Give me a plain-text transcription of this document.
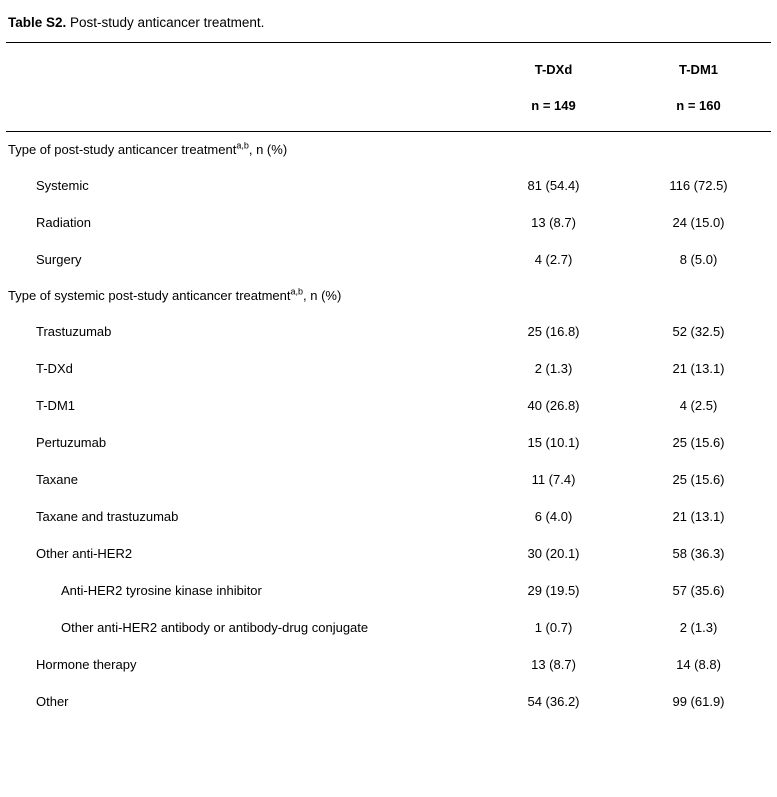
Table S2. Post-study anticancer treatment.
	T-DXd	T-DM1
	n = 149	n = 160
Type of post-study anticancer treatment$^{a,b}$, n (%)		
Systemic	81 (54.4)	116 (72.5)
Radiation	13 (8.7)	24 (15.0)
Surgery	4 (2.7)	8 (5.0)
Type of systemic post-study anticancer treatment$^{a,b}$, n (%)		
Trastuzumab	25 (16.8)	52 (32.5)
T-DXd	2 (1.3)	21 (13.1)
T-DM1	40 (26.8)	4 (2.5)
Pertuzumab	15 (10.1)	25 (15.6)
Taxane	11 (7.4)	25 (15.6)
Taxane and trastuzumab	6 (4.0)	21 (13.1)
Other anti-HER2	30 (20.1)	58 (36.3)
Anti-HER2 tyrosine kinase inhibitor	29 (19.5)	57 (35.6)
Other anti-HER2 antibody or antibody-drug conjugate	1 (0.7)	2 (1.3)
Hormone therapy	13 (8.7)	14 (8.8)
Other	54 (36.2)	99 (61.9)
